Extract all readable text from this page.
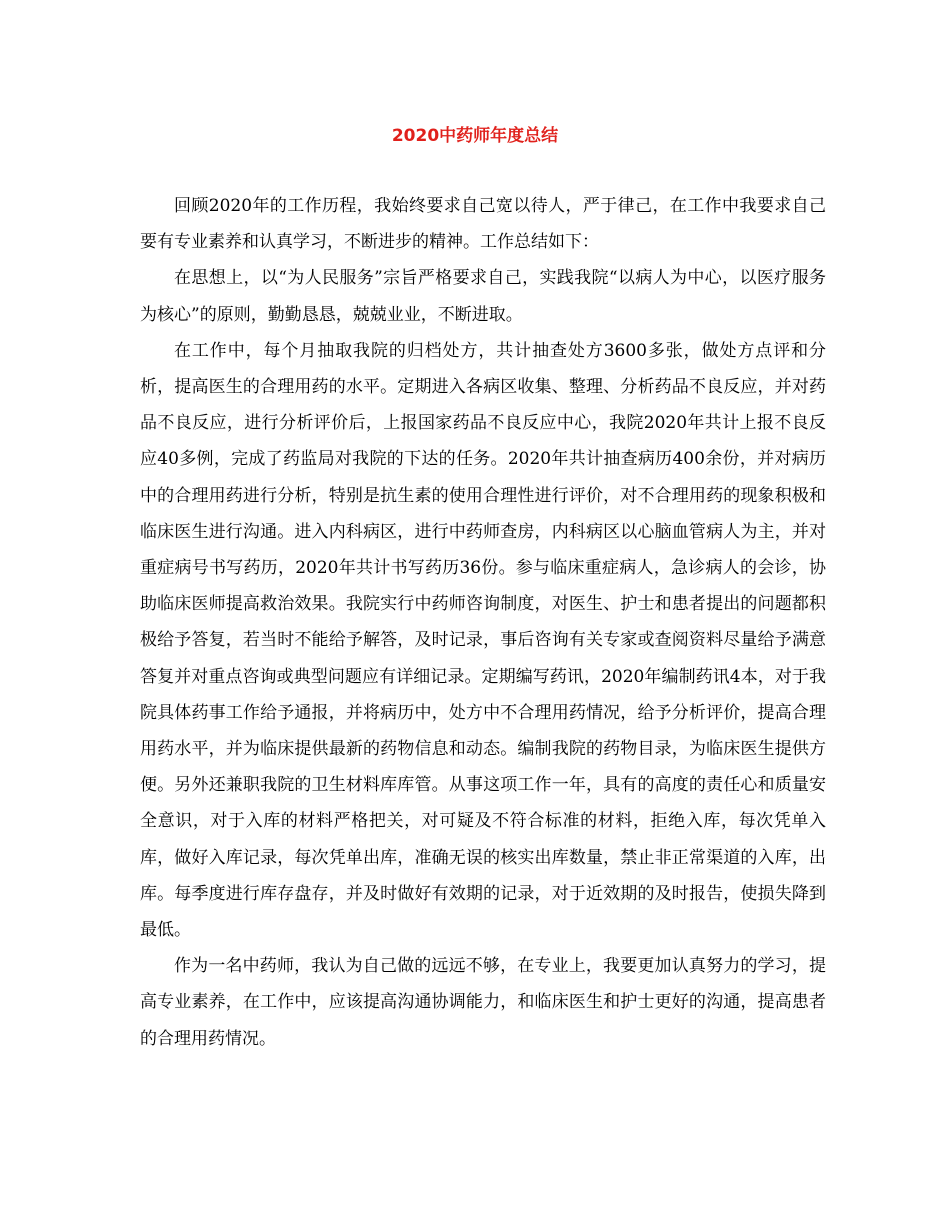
2020中药师年度总结

回顾2020年的工作历程，我始终要求自己宽以待人，严于律己，在工作中我要求自己要有专业素养和认真学习，不断进步的精神。工作总结如下：

在思想上，以“为人民服务”宗旨严格要求自己，实践我院“以病人为中心，以医疗服务为核心”的原则，勤勤恳恳，兢兢业业，不断进取。

在工作中，每个月抽取我院的归档处方，共计抽查处方3600多张，做处方点评和分析，提高医生的合理用药的水平。定期进入各病区收集、整理、分析药品不良反应，并对药品不良反应，进行分析评价后，上报国家药品不良反应中心，我院2020年共计上报不良反应40多例，完成了药监局对我院的下达的任务。2020年共计抽查病历400余份，并对病历中的合理用药进行分析，特别是抗生素的使用合理性进行评价，对不合理用药的现象积极和临床医生进行沟通。进入内科病区，进行中药师查房，内科病区以心脑血管病人为主，并对重症病号书写药历，2020年共计书写药历36份。参与临床重症病人，急诊病人的会诊，协助临床医师提高救治效果。我院实行中药师咨询制度，对医生、护士和患者提出的问题都积极给予答复，若当时不能给予解答，及时记录，事后咨询有关专家或查阅资料尽量给予满意答复并对重点咨询或典型问题应有详细记录。定期编写药讯，2020年编制药讯4本，对于我院具体药事工作给予通报，并将病历中，处方中不合理用药情况，给予分析评价，提高合理用药水平，并为临床提供最新的药物信息和动态。编制我院的药物目录，为临床医生提供方便。另外还兼职我院的卫生材料库库管。从事这项工作一年，具有的高度的责任心和质量安全意识，对于入库的材料严格把关，对可疑及不符合标准的材料，拒绝入库，每次凭单入库，做好入库记录，每次凭单出库，准确无误的核实出库数量，禁止非正常渠道的入库，出库。每季度进行库存盘存，并及时做好有效期的记录，对于近效期的及时报告，使损失降到最低。

作为一名中药师，我认为自己做的远远不够，在专业上，我要更加认真努力的学习，提高专业素养，在工作中，应该提高沟通协调能力，和临床医生和护士更好的沟通，提高患者的合理用药情况。
